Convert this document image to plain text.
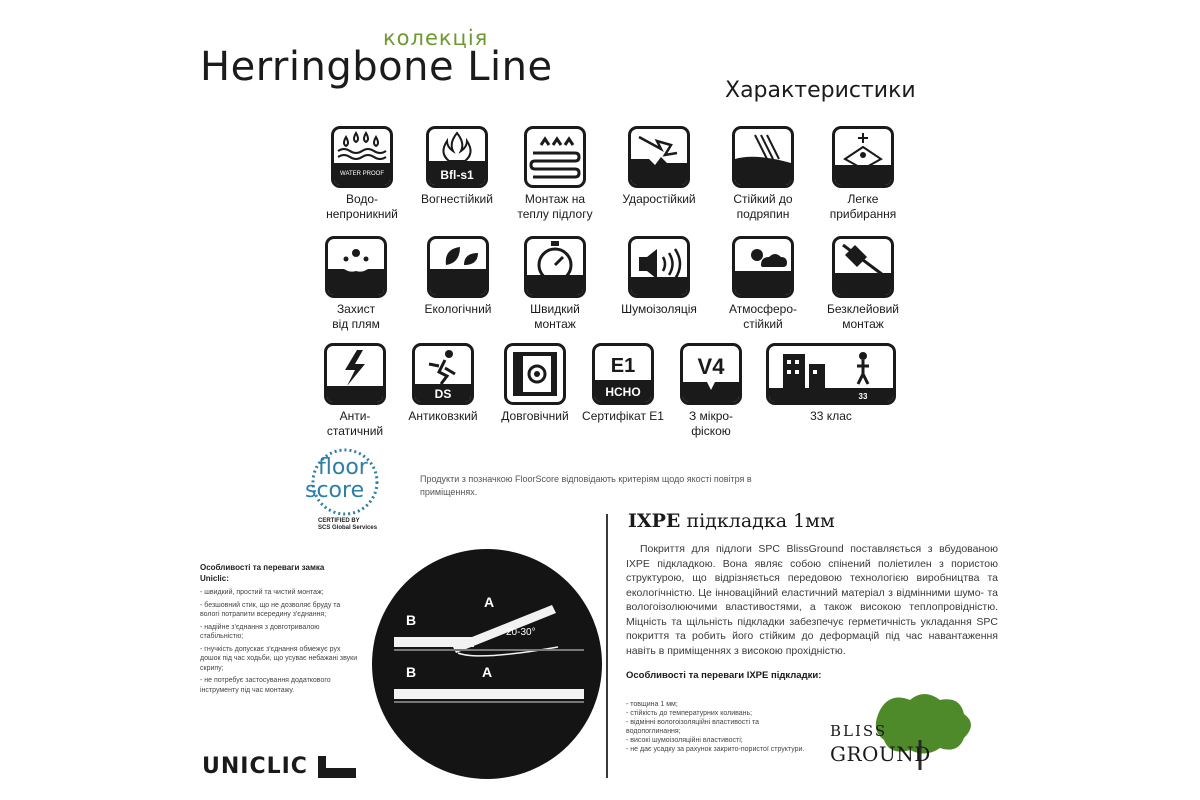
колекція
Herringbone Line
Характеристики
WATER PROOF
Водо-
непроникний
Bfl-s1
Вогнестійкий	Монтаж на
теплу підлогу
Ударостійкий	Стійкий до
подряпин
Легке
прибирання
Захист
від плям
Екологічний	Швидкий
монтаж
Шумоізоляція	Атмосферо-
стійкий
Безклейовий
монтаж
Анти-
статичний
DS
Антиковзкий	Довговічний
E1
HCHO
Сертифікат E1
V4
З мікро-
фіскою
33
33 клас
floor
score
CERTIFIED BY
SCS Global Services
Продукти з позначкою FloorScore відповідають критеріям щодо якості повітря в приміщеннях.
Особливості та переваги замка Uniclic:
- швидкий, простий та чистий монтаж;
- безшовний стик, що не дозволяє бруду та вологі потрапити всередину з'єднання;
- надійне з'єднання з довготривалою стабільністю;
- гнучкість допускає з'єднання обмежує рух дошок під час ходьби, що усуває небажані звуки скрипу;
- не потребує застосування додаткового інструменту під час монтажу.
B
A
20-30°
B	A
UNICLIC
IXPE підкладка 1мм
Покриття для підлоги SPC BlissGround поставляється з вбудованою IXPE підкладкою. Вона являє собою спінений поліетилен з пористою структурою, що відрізняється передовою технологією виробництва та екологічністю. Це інноваційний еластичний матеріал з відмінними шумо- та вологоізолюючими властивостями, а також високою теплопровідністю. Міцність та щільність підкладки забезпечує герметичність укладання SPC покриття та робить його стійким до деформацій під час навантаження навіть в приміщеннях з високою прохідністю.
Особливості та переваги IXPE підкладки:
- товщина 1 мм;
- стійкість до температурних коливань;
- відмінні вологоізоляційні властивості та водопоглинання;
- високі шумоізоляційні властивості;
- не дає усадку за рахунок закрито-пористої структури.
BLISS
GROUND
